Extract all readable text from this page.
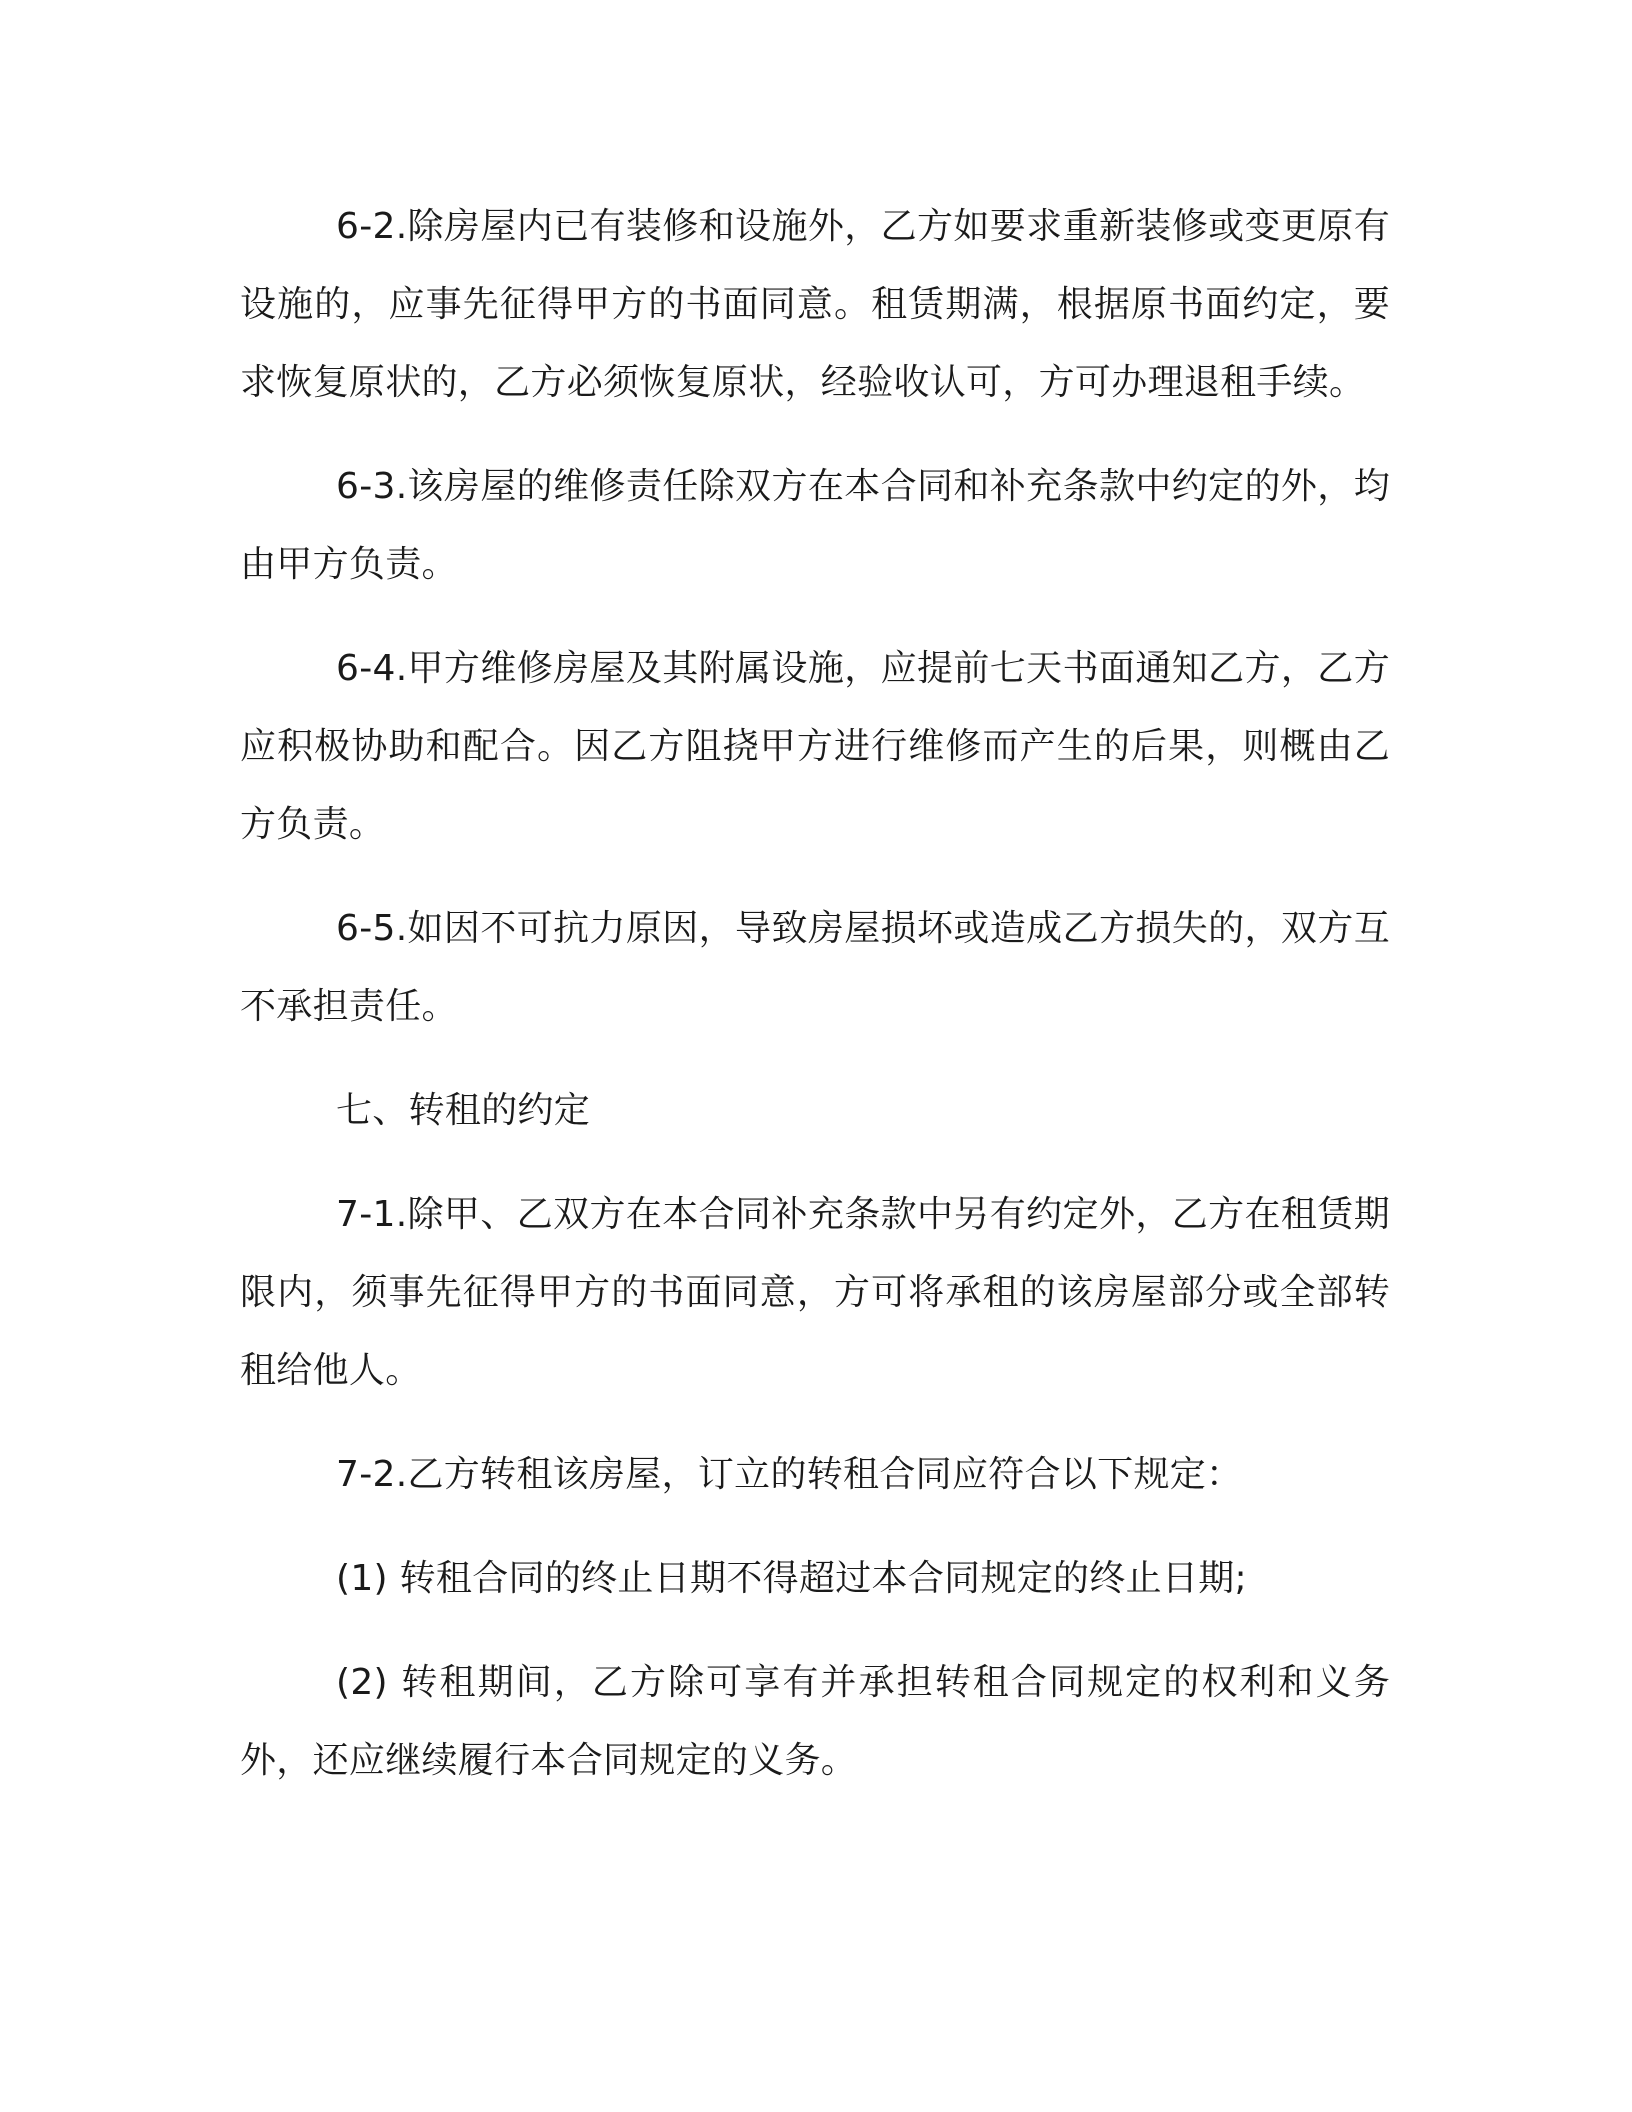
6-2.除房屋内已有装修和设施外，乙方如要求重新装修或变更原有设施的，应事先征得甲方的书面同意。租赁期满，根据原书面约定，要求恢复原状的，乙方必须恢复原状，经验收认可，方可办理退租手续。

6-3.该房屋的维修责任除双方在本合同和补充条款中约定的外，均由甲方负责。

6-4.甲方维修房屋及其附属设施，应提前七天书面通知乙方，乙方应积极协助和配合。因乙方阻挠甲方进行维修而产生的后果，则概由乙方负责。

6-5.如因不可抗力原因，导致房屋损坏或造成乙方损失的，双方互不承担责任。

七、转租的约定

7-1.除甲、乙双方在本合同补充条款中另有约定外，乙方在租赁期限内，须事先征得甲方的书面同意，方可将承租的该房屋部分或全部转租给他人。

7-2.乙方转租该房屋，订立的转租合同应符合以下规定：

(1) 转租合同的终止日期不得超过本合同规定的终止日期;

(2) 转租期间，乙方除可享有并承担转租合同规定的权利和义务外，还应继续履行本合同规定的义务。
